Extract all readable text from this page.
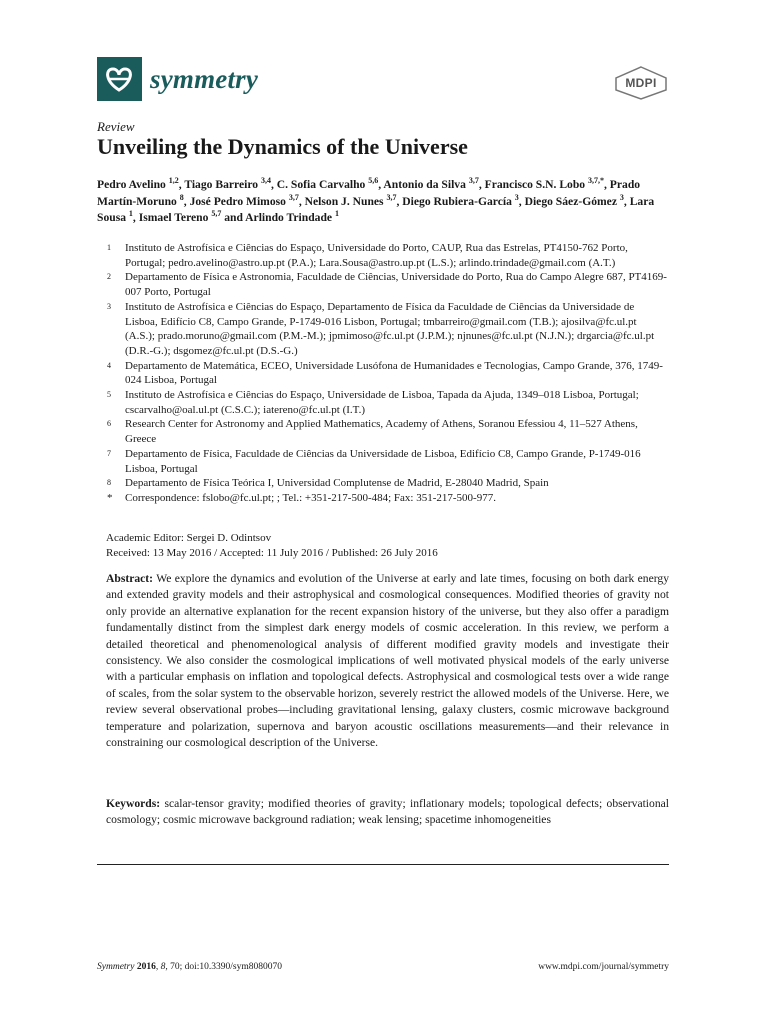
symmetry	MDPI
Review
Unveiling the Dynamics of the Universe
Pedro Avelino $^{1,2}$, Tiago Barreiro $^{3,4}$, C. Sofia Carvalho $^{5,6}$, Antonio da Silva $^{3,7}$, Francisco S.N. Lobo $^{3,7,*}$, Prado Martín-Moruno $^8$, José Pedro Mimoso $^{3,7}$, Nelson J. Nunes $^{3,7}$, Diego Rubiera-García $^3$, Diego Sáez-Gómez $^3$, Lara Sousa $^1$, Ismael Tereno $^{5,7}$ and Arlindo Trindade $^1$
1	Instituto de Astrofísica e Ciências do Espaço, Universidade do Porto, CAUP, Rua das Estrelas, PT4150-762 Porto, Portugal; pedro.avelino@astro.up.pt (P.A.); Lara.Sousa@astro.up.pt (L.S.); arlindo.trindade@gmail.com (A.T.)
2	Departamento de Física e Astronomia, Faculdade de Ciências, Universidade do Porto, Rua do Campo Alegre 687, PT4169-007 Porto, Portugal
3	Instituto de Astrofísica e Ciências do Espaço, Departamento de Física da Faculdade de Ciências da Universidade de Lisboa, Edifício C8, Campo Grande, P-1749-016 Lisbon, Portugal; tmbarreiro@gmail.com (T.B.); ajosilva@fc.ul.pt (A.S.); prado.moruno@gmail.com (P.M.-M.); jpmimoso@fc.ul.pt (J.P.M.); njnunes@fc.ul.pt (N.J.N.); drgarcia@fc.ul.pt (D.R.-G.); dsgomez@fc.ul.pt (D.S.-G.)
4	Departamento de Matemática, ECEO, Universidade Lusófona de Humanidades e Tecnologias, Campo Grande, 376, 1749-024 Lisboa, Portugal
5	Instituto de Astrofísica e Ciências do Espaço, Universidade de Lisboa, Tapada da Ajuda, 1349–018 Lisboa, Portugal; cscarvalho@oal.ul.pt (C.S.C.); iatereno@fc.ul.pt (I.T.)
6	Research Center for Astronomy and Applied Mathematics, Academy of Athens, Soranou Efessiou 4, 11–527 Athens, Greece
7	Departamento de Física, Faculdade de Ciências da Universidade de Lisboa, Edifício C8, Campo Grande, P-1749-016 Lisboa, Portugal
8	Departamento de Física Teórica I, Universidad Complutense de Madrid, E-28040 Madrid, Spain
*	Correspondence: fslobo@fc.ul.pt; ; Tel.: +351-217-500-484; Fax: 351-217-500-977.
Academic Editor: Sergei D. Odintsov
Received: 13 May 2016 / Accepted: 11 July 2016 / Published: 26 July 2016
Abstract: We explore the dynamics and evolution of the Universe at early and late times, focusing on both dark energy and extended gravity models and their astrophysical and cosmological consequences. Modified theories of gravity not only provide an alternative explanation for the recent expansion history of the universe, but they also offer a paradigm fundamentally distinct from the simplest dark energy models of cosmic acceleration. In this review, we perform a detailed theoretical and phenomenological analysis of different modified gravity models and investigate their consistency. We also consider the cosmological implications of well motivated physical models of the early universe with a particular emphasis on inflation and topological defects. Astrophysical and cosmological tests over a wide range of scales, from the solar system to the observable horizon, severely restrict the allowed models of the Universe. Here, we review several observational probes—including gravitational lensing, galaxy clusters, cosmic microwave background temperature and polarization, supernova and baryon acoustic oscillations measurements—and their relevance in constraining our cosmological description of the Universe.
Keywords: scalar-tensor gravity; modified theories of gravity; inflationary models; topological defects; observational cosmology; cosmic microwave background radiation; weak lensing; spacetime inhomogeneities
Symmetry 2016, 8, 70; doi:10.3390/sym8080070	www.mdpi.com/journal/symmetry
